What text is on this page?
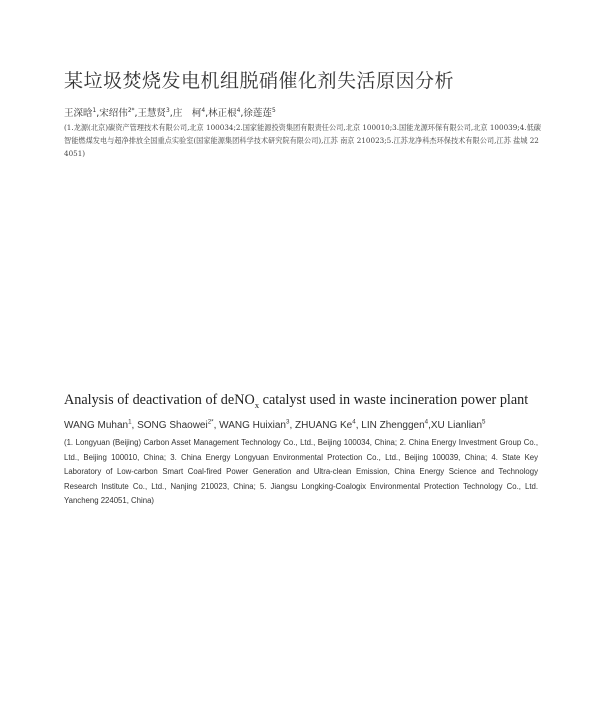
某垃圾焚烧发电机组脱硝催化剂失活原因分析
王深晗$^1$,宋绍伟$^{2*}$,王慧贤$^3$,庄　柯$^4$,林正根$^4$,徐莲莲$^5$
(1.龙源(北京)碳资产管理技术有限公司,北京 100034;2.国家能源投资集团有限责任公司,北京 100010;3.国能龙源环保有限公司,北京 100039;4.低碳智能燃煤发电与超净排放全国重点实验室(国家能源集团科学技术研究院有限公司),江苏 南京 210023;5.江苏龙净科杰环保技术有限公司,江苏 盐城 224051)
Analysis of deactivation of deNO$_x$ catalyst used in waste incineration power plant
WANG Muhan$^1$, SONG Shaowei$^{2*}$, WANG Huixian$^3$, ZHUANG Ke$^4$, LIN Zhenggen$^4$,XU Lianlian$^5$
(1. Longyuan (Beijing) Carbon Asset Management Technology Co., Ltd., Beijing 100034, China; 2. China Energy Investment Group Co., Ltd., Beijing 100010, China; 3. China Energy Longyuan Environmental Protection Co., Ltd., Beijing 100039, China; 4. State Key Laboratory of Low-carbon Smart Coal-fired Power Generation and Ultra-clean Emission, China Energy Science and Technology Research Institute Co., Ltd., Nanjing 210023, China; 5. Jiangsu Longking-Coalogix Environmental Protection Technology Co., Ltd. Yancheng 224051, China)
